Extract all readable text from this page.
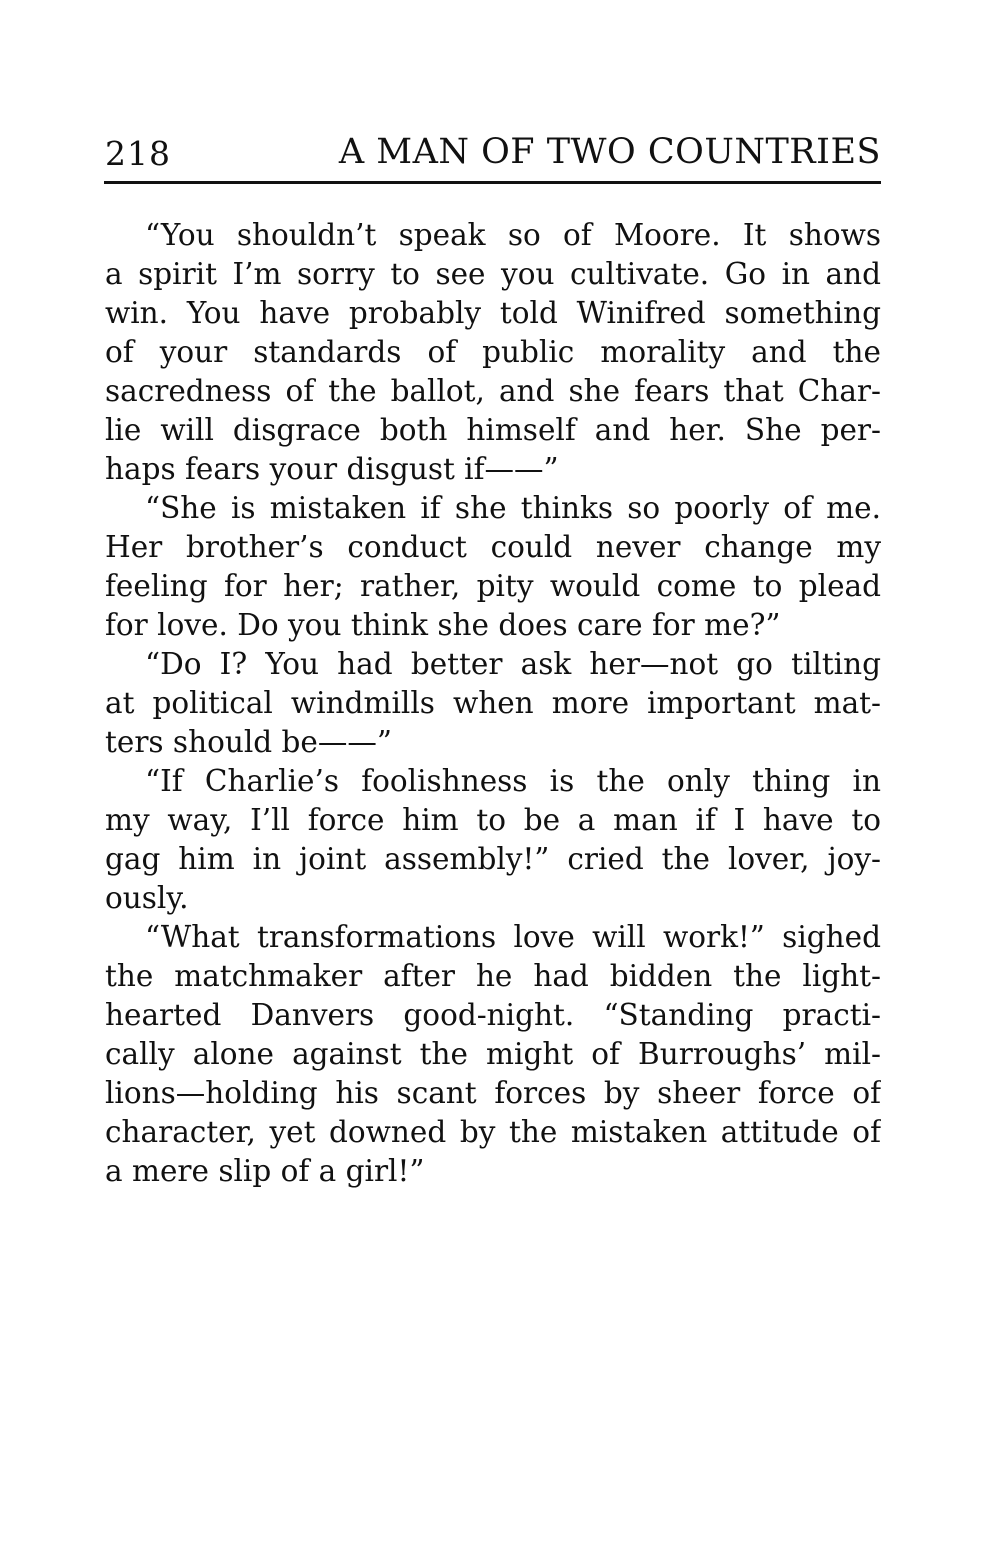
218	A MAN OF TWO COUNTRIES
“You shouldn’t speak so of Moore. It shows
a spirit I’m sorry to see you cultivate. Go in and
win. You have probably told Winifred something
of your standards of public morality and the
sacredness of the ballot, and she fears that Char-
lie will disgrace both himself and her. She per-
haps fears your disgust if——”
“She is mistaken if she thinks so poorly of me.
Her brother’s conduct could never change my
feeling for her; rather, pity would come to plead
for love. Do you think she does care for me?”
“Do I? You had better ask her—not go tilting
at political windmills when more important mat-
ters should be——”
“If Charlie’s foolishness is the only thing in
my way, I’ll force him to be a man if I have to
gag him in joint assembly!” cried the lover, joy-
ously.
“What transformations love will work!” sighed
the matchmaker after he had bidden the light-
hearted Danvers good-night. “Standing practi-
cally alone against the might of Burroughs’ mil-
lions—holding his scant forces by sheer force of
character, yet downed by the mistaken attitude of
a mere slip of a girl!”
